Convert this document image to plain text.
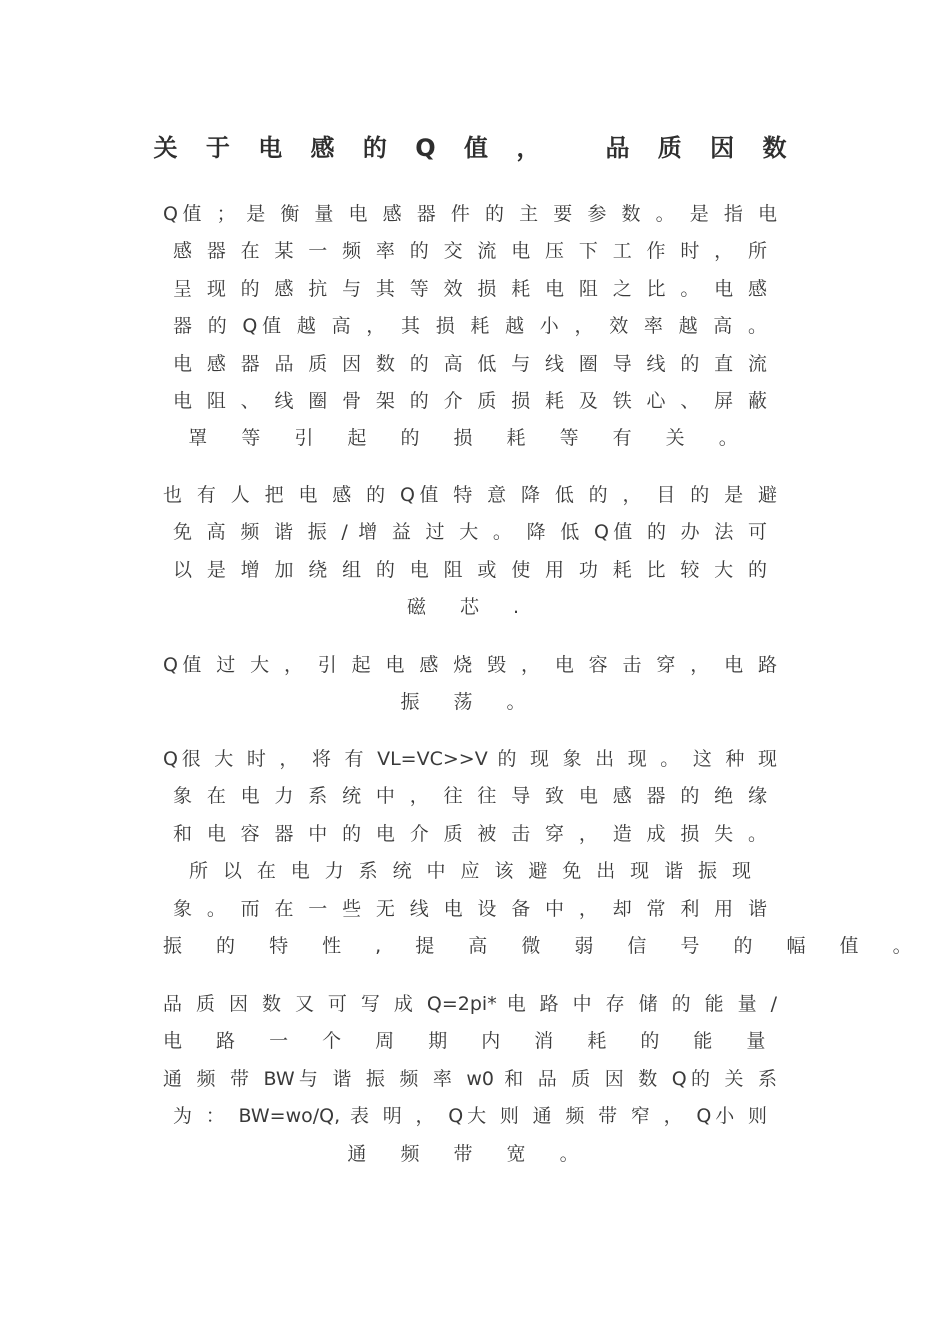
关 于 电 感 的 Q 值 ，   品 质 因 数
Q值 ； 是 衡 量 电 感 器 件 的 主 要 参 数 。 是 指 电
感 器 在 某 一 频 率 的 交 流 电 压 下 工 作 时 ， 所
呈 现 的 感 抗 与 其 等 效 损 耗 电 阻 之 比 。 电 感
器 的 Q值 越 高 ， 其 损 耗 越 小 ， 效 率 越 高 。
电 感 器 品 质 因 数 的 高 低 与 线 圈 导 线 的 直 流
电 阻 、 线 圈 骨 架 的 介 质 损 耗 及 铁 心 、 屏 蔽
罩 等 引 起 的 损 耗 等 有 关 。
也 有 人 把 电 感 的 Q值 特 意 降 低 的 ， 目 的 是 避
免 高 频 谐 振 / 增 益 过 大 。 降 低 Q值 的 办 法 可
以 是 增 加 绕 组 的 电 阻 或 使 用 功 耗 比 较 大 的
磁 芯 .
Q值 过 大 ， 引 起 电 感 烧 毁 ， 电 容 击 穿 ， 电 路
振 荡 。
Q很 大 时 ， 将 有 VL=VC>>V 的 现 象 出 现 。 这 种 现
象 在 电 力 系 统 中 ， 往 往 导 致 电 感 器 的 绝 缘
和 电 容 器 中 的 电 介 质 被 击 穿 ， 造 成 损 失 。
所 以 在 电 力 系 统 中 应 该 避 免 出 现 谐 振 现
象 。 而 在 一 些 无 线 电 设 备 中 ， 却 常 利 用 谐
振 的 特 性 , 提 高 微 弱 信 号 的 幅 值 。
品 质 因 数 又 可 写 成 Q=2pi* 电 路 中 存 储 的 能 量 /
电 路 一 个 周 期 内 消 耗 的 能 量
通 频 带 BW与 谐 振 频 率 w0 和 品 质 因 数 Q的 关 系
为 ： BW=wo/Q, 表 明 ， Q大 则 通 频 带 窄 ， Q小 则
通 频 带 宽 。
